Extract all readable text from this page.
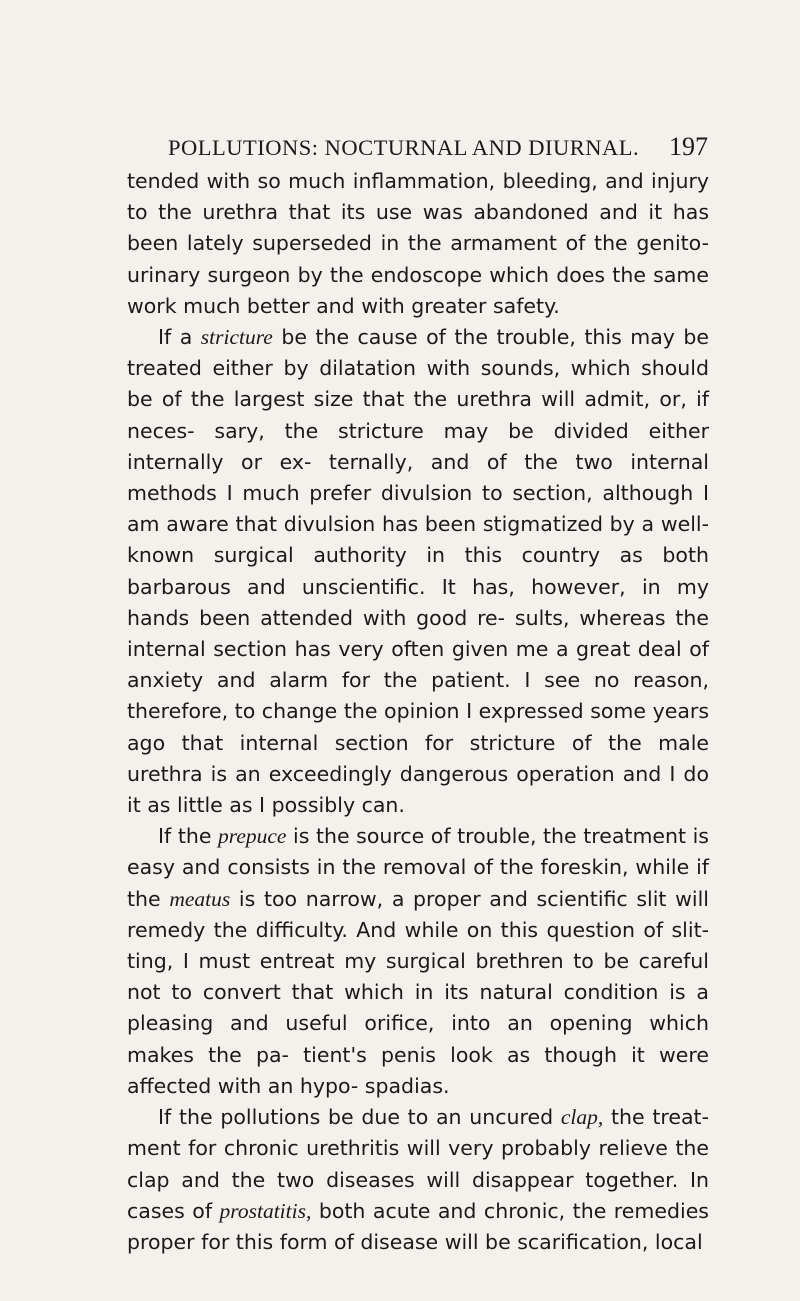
POLLUTIONS: NOCTURNAL AND DIURNAL. 197

tended with so much inflammation, bleeding, and injury to the urethra that its use was abandoned and it has been lately superseded in the armament of the genito-urinary surgeon by the endoscope which does the same work much better and with greater safety.

If a stricture be the cause of the trouble, this may be treated either by dilatation with sounds, which should be of the largest size that the urethra will admit, or, if neces- sary, the stricture may be divided either internally or ex- ternally, and of the two internal methods I much prefer divulsion to section, although I am aware that divulsion has been stigmatized by a well-known surgical authority in this country as both barbarous and unscientific. It has, however, in my hands been attended with good re- sults, whereas the internal section has very often given me a great deal of anxiety and alarm for the patient. I see no reason, therefore, to change the opinion I expressed some years ago that internal section for stricture of the male urethra is an exceedingly dangerous operation and I do it as little as I possibly can.

If the prepuce is the source of trouble, the treatment is easy and consists in the removal of the foreskin, while if the meatus is too narrow, a proper and scientific slit will remedy the difficulty. And while on this question of slit- ting, I must entreat my surgical brethren to be careful not to convert that which in its natural condition is a pleasing and useful orifice, into an opening which makes the pa- tient's penis look as though it were affected with an hypo- spadias.

If the pollutions be due to an uncured clap, the treat- ment for chronic urethritis will very probably relieve the clap and the two diseases will disappear together. In cases of prostatitis, both acute and chronic, the remedies proper for this form of disease will be scarification, local
